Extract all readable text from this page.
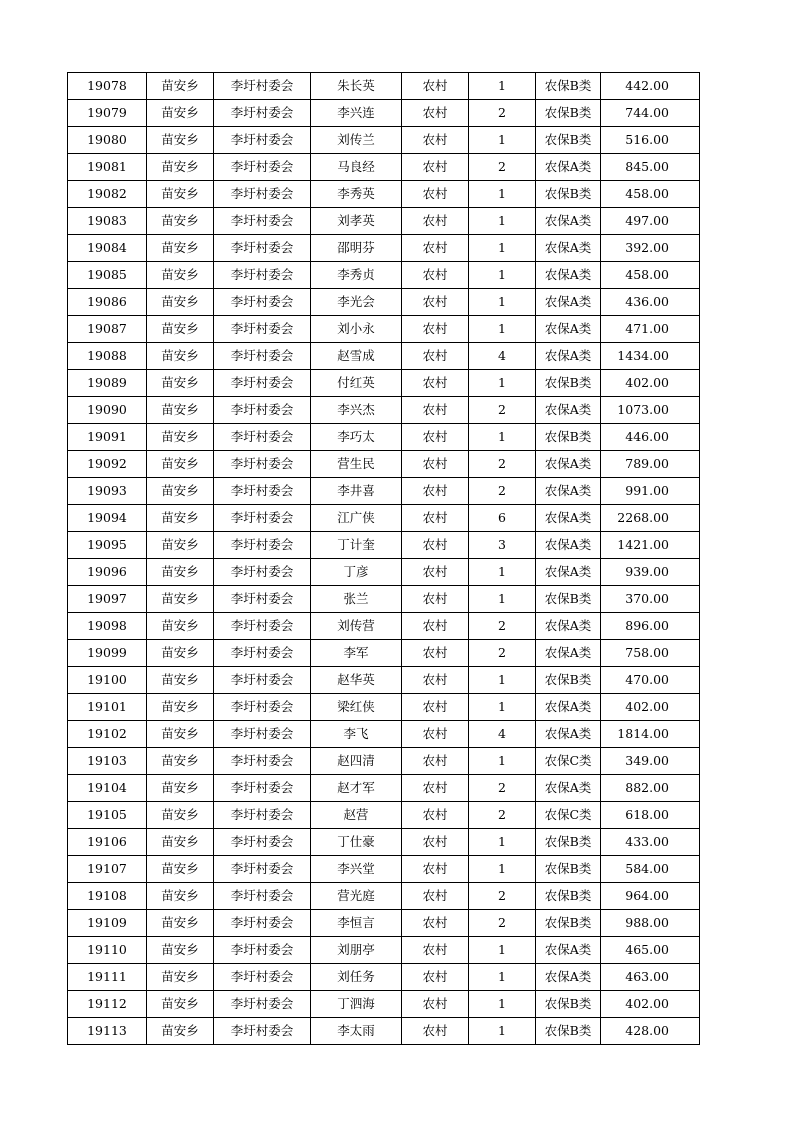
19078	苗安乡	李圩村委会	朱长英	农村	1	农保B类	442.00
19079	苗安乡	李圩村委会	李兴连	农村	2	农保B类	744.00
19080	苗安乡	李圩村委会	刘传兰	农村	1	农保B类	516.00
19081	苗安乡	李圩村委会	马良经	农村	2	农保A类	845.00
19082	苗安乡	李圩村委会	李秀英	农村	1	农保B类	458.00
19083	苗安乡	李圩村委会	刘孝英	农村	1	农保A类	497.00
19084	苗安乡	李圩村委会	邵明芬	农村	1	农保A类	392.00
19085	苗安乡	李圩村委会	李秀贞	农村	1	农保A类	458.00
19086	苗安乡	李圩村委会	李光会	农村	1	农保A类	436.00
19087	苗安乡	李圩村委会	刘小永	农村	1	农保A类	471.00
19088	苗安乡	李圩村委会	赵雪成	农村	4	农保A类	1434.00
19089	苗安乡	李圩村委会	付红英	农村	1	农保B类	402.00
19090	苗安乡	李圩村委会	李兴杰	农村	2	农保A类	1073.00
19091	苗安乡	李圩村委会	李巧太	农村	1	农保B类	446.00
19092	苗安乡	李圩村委会	营生民	农村	2	农保A类	789.00
19093	苗安乡	李圩村委会	李井喜	农村	2	农保A类	991.00
19094	苗安乡	李圩村委会	江广侠	农村	6	农保A类	2268.00
19095	苗安乡	李圩村委会	丁计奎	农村	3	农保A类	1421.00
19096	苗安乡	李圩村委会	丁彦	农村	1	农保A类	939.00
19097	苗安乡	李圩村委会	张兰	农村	1	农保B类	370.00
19098	苗安乡	李圩村委会	刘传营	农村	2	农保A类	896.00
19099	苗安乡	李圩村委会	李军	农村	2	农保A类	758.00
19100	苗安乡	李圩村委会	赵华英	农村	1	农保B类	470.00
19101	苗安乡	李圩村委会	梁红侠	农村	1	农保A类	402.00
19102	苗安乡	李圩村委会	李飞	农村	4	农保A类	1814.00
19103	苗安乡	李圩村委会	赵四清	农村	1	农保C类	349.00
19104	苗安乡	李圩村委会	赵才军	农村	2	农保A类	882.00
19105	苗安乡	李圩村委会	赵营	农村	2	农保C类	618.00
19106	苗安乡	李圩村委会	丁仕豪	农村	1	农保B类	433.00
19107	苗安乡	李圩村委会	李兴堂	农村	1	农保B类	584.00
19108	苗安乡	李圩村委会	营光庭	农村	2	农保B类	964.00
19109	苗安乡	李圩村委会	李恒言	农村	2	农保B类	988.00
19110	苗安乡	李圩村委会	刘朋亭	农村	1	农保A类	465.00
19111	苗安乡	李圩村委会	刘任务	农村	1	农保A类	463.00
19112	苗安乡	李圩村委会	丁泗海	农村	1	农保B类	402.00
19113	苗安乡	李圩村委会	李太雨	农村	1	农保B类	428.00
